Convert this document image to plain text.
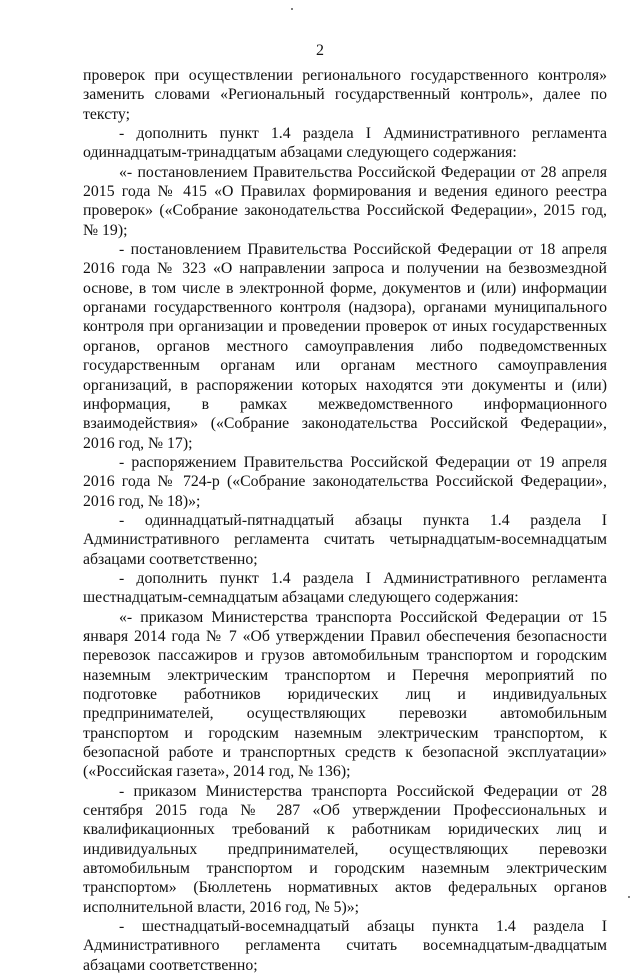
2

проверок при осуществлении регионального государственного контроля» заменить словами «Региональный государственный контроль», далее по тексту;

- дополнить пункт 1.4 раздела I Административного регламента одиннадцатым-тринадцатым абзацами следующего содержания:

«- постановлением Правительства Российской Федерации от 28 апреля 2015 года № 415 «О Правилах формирования и ведения единого реестра проверок» («Собрание законодательства Российской Федерации», 2015 год, № 19);

- постановлением Правительства Российской Федерации от 18 апреля 2016 года № 323 «О направлении запроса и получении на безвозмездной основе, в том числе в электронной форме, документов и (или) информации органами государственного контроля (надзора), органами муниципального контроля при организации и проведении проверок от иных государственных органов, органов местного самоуправления либо подведомственных государственным органам или органам местного самоуправления организаций, в распоряжении которых находятся эти документы и (или) информация, в рамках межведомственного информационного взаимодействия» («Собрание законодательства Российской Федерации», 2016 год, № 17);

- распоряжением Правительства Российской Федерации от 19 апреля 2016 года № 724-р («Собрание законодательства Российской Федерации», 2016 год, № 18)»;

- одиннадцатый-пятнадцатый абзацы пункта 1.4 раздела I Административного регламента считать четырнадцатым-восемнадцатым абзацами соответственно;

- дополнить пункт 1.4 раздела I Административного регламента шестнадцатым-семнадцатым абзацами следующего содержания:

«- приказом Министерства транспорта Российской Федерации от 15 января 2014 года № 7 «Об утверждении Правил обеспечения безопасности перевозок пассажиров и грузов автомобильным транспортом и городским наземным электрическим транспортом и Перечня мероприятий по подготовке работников юридических лиц и индивидуальных предпринимателей, осуществляющих перевозки автомобильным транспортом и городским наземным электрическим транспортом, к безопасной работе и транспортных средств к безопасной эксплуатации» («Российская газета», 2014 год, № 136);

- приказом Министерства транспорта Российской Федерации от 28 сентября 2015 года № 287 «Об утверждении Профессиональных и квалификационных требований к работникам юридических лиц и индивидуальных предпринимателей, осуществляющих перевозки автомобильным транспортом и городским наземным электрическим транспортом» (Бюллетень нормативных актов федеральных органов исполнительной власти, 2016 год, № 5)»;

- шестнадцатый-восемнадцатый абзацы пункта 1.4 раздела I Административного регламента считать восемнадцатым-двадцатым абзацами соответственно;
